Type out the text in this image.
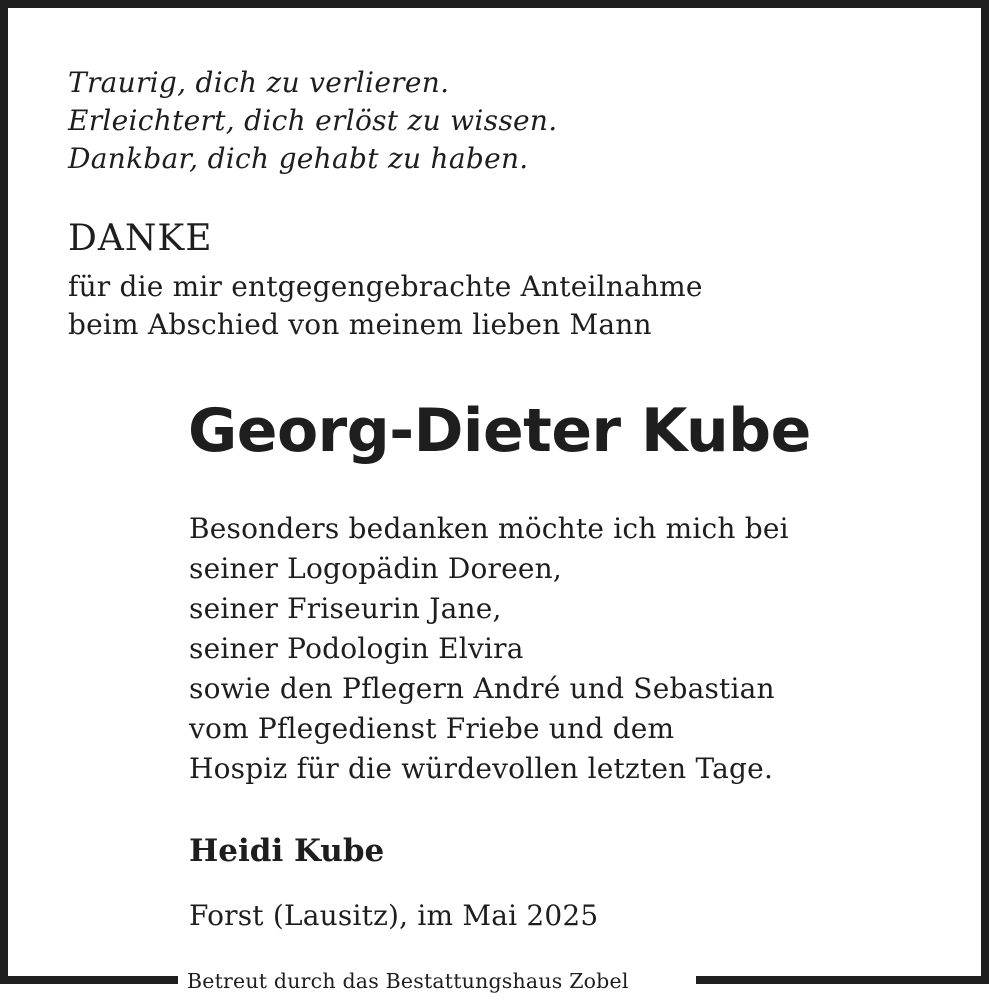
Traurig, dich zu verlieren.
Erleichtert, dich erlöst zu wissen.
Dankbar, dich gehabt zu haben.
DANKE
für die mir entgegengebrachte Anteilnahme
beim Abschied von meinem lieben Mann
Georg-Dieter Kube
Besonders bedanken möchte ich mich bei
seiner Logopädin Doreen,
seiner Friseurin Jane,
seiner Podologin Elvira
sowie den Pflegern André und Sebastian
vom Pflegedienst Friebe und dem
Hospiz für die würdevollen letzten Tage.
Heidi Kube
Forst (Lausitz), im Mai 2025
Betreut durch das Bestattungshaus Zobel
